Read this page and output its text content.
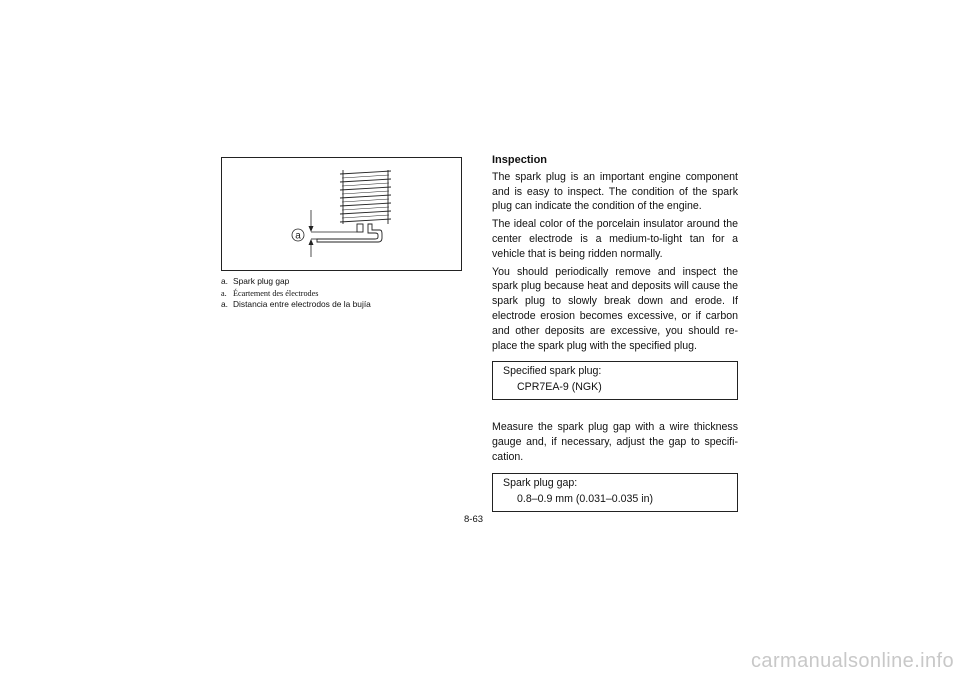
a
a. Spark plug gap
a. Écartement des électrodes
a. Distancia entre electrodos de la bujía
Inspection

The spark plug is an important engine component and is easy to inspect. The condition of the spark plug can indicate the condition of the engine.

The ideal color of the porcelain insulator around the center electrode is a medium-to-light tan for a vehicle that is being ridden normally.

You should periodically remove and inspect the spark plug because heat and deposits will cause the spark plug to slowly break down and erode. If electrode erosion becomes excessive, or if carbon and other deposits are excessive, you should re-place the spark plug with the specified plug.

Specified spark plug:
CPR7EA-9 (NGK)

Measure the spark plug gap with a wire thickness gauge and, if necessary, adjust the gap to specifi-cation.

Spark plug gap:
0.8–0.9 mm (0.031–0.035 in)
8-63
carmanualsonline.info
